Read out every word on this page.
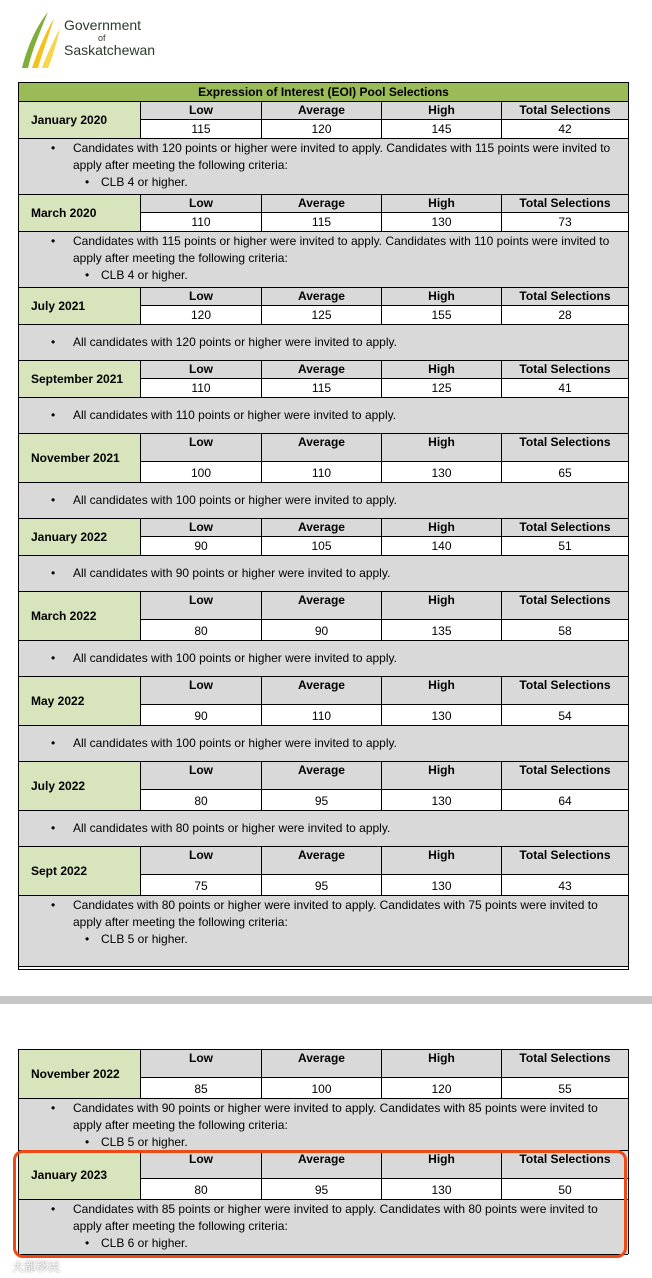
Government
of
Saskatchewan
Expression of Interest (EOI) Pool Selections
January 2020
Low	Average	High	Total Selections
115	120	145	42

• Candidates with 120 points or higher were invited to apply. Candidates with 115 points were invited to apply after meeting the following criteria:

• CLB 4 or higher.

March 2020
Low	Average	High	Total Selections
110	115	130	73

• Candidates with 115 points or higher were invited to apply. Candidates with 110 points were invited to apply after meeting the following criteria:

• CLB 4 or higher.

July 2021
Low	Average	High	Total Selections
120	125	155	28

• All candidates with 120 points or higher were invited to apply.

September 2021
Low	Average	High	Total Selections
110	115	125	41

• All candidates with 110 points or higher were invited to apply.

November 2021
Low	Average	High	Total Selections
100	110	130	65

• All candidates with 100 points or higher were invited to apply.

January 2022
Low	Average	High	Total Selections
90	105	140	51

• All candidates with 90 points or higher were invited to apply.

March 2022
Low	Average	High	Total Selections
80	90	135	58

• All candidates with 100 points or higher were invited to apply.

May 2022
Low	Average	High	Total Selections
90	110	130	54

• All candidates with 100 points or higher were invited to apply.

July 2022
Low	Average	High	Total Selections
80	95	130	64

• All candidates with 80 points or higher were invited to apply.

Sept 2022
Low	Average	High	Total Selections
75	95	130	43

• Candidates with 80 points or higher were invited to apply. Candidates with 75 points were invited to apply after meeting the following criteria:

• CLB 5 or higher.

November 2022
Low	Average	High	Total Selections
85	100	120	55

• Candidates with 90 points or higher were invited to apply. Candidates with 85 points were invited to apply after meeting the following criteria:

• CLB 5 or higher.

January 2023
Low	Average	High	Total Selections
80	95	130	50

• Candidates with 85 points or higher were invited to apply. Candidates with 80 points were invited to apply after meeting the following criteria:

• CLB 6 or higher.

大都移民
